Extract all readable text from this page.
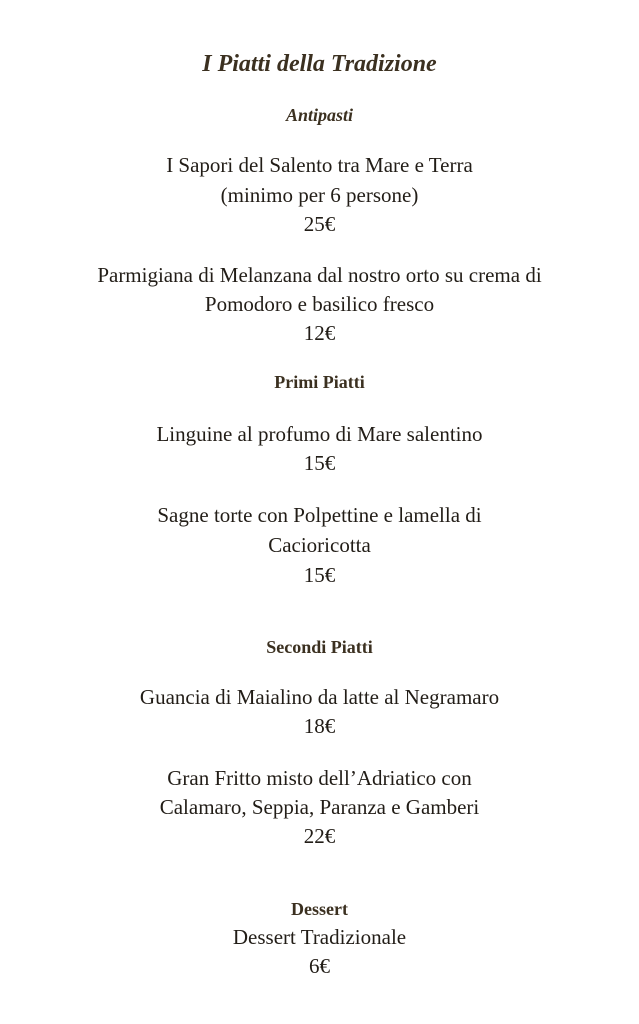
I Piatti della Tradizione
Antipasti
I Sapori del Salento tra Mare e Terra
(minimo per 6 persone)
25€
Parmigiana di Melanzana dal nostro orto su crema di
Pomodoro e basilico fresco
12€
Primi Piatti
Linguine al profumo di Mare salentino
15€
Sagne torte con Polpettine e lamella di
Cacioricotta
15€
Secondi Piatti
Guancia di Maialino da latte al Negramaro
18€
Gran Fritto misto dell’Adriatico con
Calamaro, Seppia, Paranza e Gamberi
22€
Dessert
Dessert Tradizionale
6€
